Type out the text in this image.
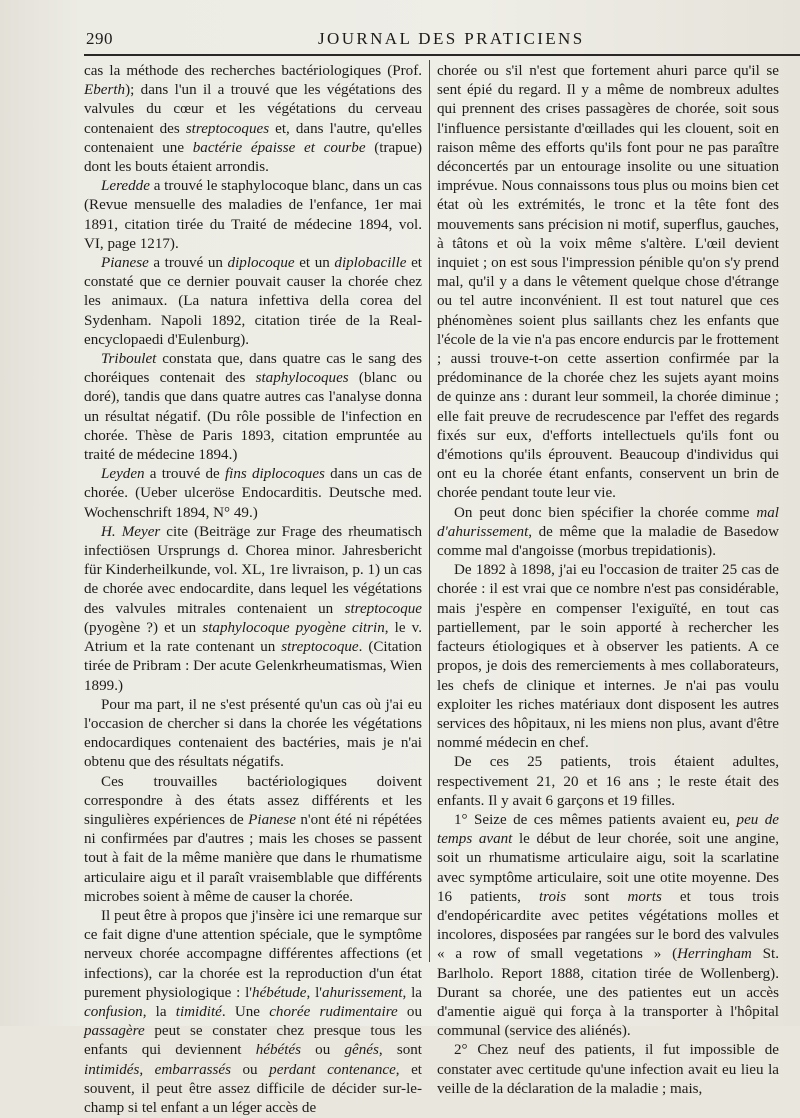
290	JOURNAL DES PRATICIENS

cas la méthode des recherches bactériologiques (Prof. Eberth); dans l'un il a trouvé que les végétations des valvules du cœur et les végétations du cerveau contenaient des streptocoques et, dans l'autre, qu'elles contenaient une bactérie épaisse et courbe (trapue) dont les bouts étaient arrondis.

Leredde a trouvé le staphylocoque blanc, dans un cas (Revue mensuelle des maladies de l'enfance, 1er mai 1891, citation tirée du Traité de médecine 1894, vol. VI, page 1217).

Pianese a trouvé un diplocoque et un diplobacille et constaté que ce dernier pouvait causer la chorée chez les animaux. (La natura infettiva della corea del Sydenham. Napoli 1892, citation tirée de la Real-encyclopaedi d'Eulenburg).

Triboulet constata que, dans quatre cas le sang des choréiques contenait des staphylocoques (blanc ou doré), tandis que dans quatre autres cas l'analyse donna un résultat négatif. (Du rôle possible de l'infection en chorée. Thèse de Paris 1893, citation empruntée au traité de médecine 1894.)

Leyden a trouvé de fins diplocoques dans un cas de chorée. (Ueber ulceröse Endocarditis. Deutsche med. Wochenschrift 1894, N° 49.)

H. Meyer cite (Beiträge zur Frage des rheumatisch infectiösen Ursprungs d. Chorea minor. Jahresbericht für Kinderheilkunde, vol. XL, 1re livraison, p. 1) un cas de chorée avec endocardite, dans lequel les végétations des valvules mitrales contenaient un streptocoque (pyogène ?) et un staphylocoque pyogène citrin, le v. Atrium et la rate contenant un streptocoque. (Citation tirée de Pribram : Der acute Gelenkrheumatismas, Wien 1899.)

Pour ma part, il ne s'est présenté qu'un cas où j'ai eu l'occasion de chercher si dans la chorée les végétations endocardiques contenaient des bactéries, mais je n'ai obtenu que des résultats négatifs.

Ces trouvailles bactériologiques doivent correspondre à des états assez différents et les singulières expériences de Pianese n'ont été ni répétées ni confirmées par d'autres ; mais les choses se passent tout à fait de la même manière que dans le rhumatisme articulaire aigu et il paraît vraisemblable que différents microbes soient à même de causer la chorée.

Il peut être à propos que j'insère ici une remarque sur ce fait digne d'une attention spéciale, que le symptôme nerveux chorée accompagne différentes affections (et infections), car la chorée est la reproduction d'un état purement physiologique : l'hébétude, l'ahurissement, la confusion, la timidité. Une chorée rudimentaire ou passagère peut se constater chez presque tous les enfants qui deviennent hébétés ou gênés, sont intimidés, embarrassés ou perdant contenance, et souvent, il peut être assez difficile de décider sur-le-champ si tel enfant a un léger accès de

chorée ou s'il n'est que fortement ahuri parce qu'il se sent épié du regard. Il y a même de nombreux adultes qui prennent des crises passagères de chorée, soit sous l'influence persistante d'œillades qui les clouent, soit en raison même des efforts qu'ils font pour ne pas paraître déconcertés par un entourage insolite ou une situation imprévue. Nous connaissons tous plus ou moins bien cet état où les extrémités, le tronc et la tête font des mouvements sans précision ni motif, superflus, gauches, à tâtons et où la voix même s'altère. L'œil devient inquiet ; on est sous l'impression pénible qu'on s'y prend mal, qu'il y a dans le vêtement quelque chose d'étrange ou tel autre inconvénient. Il est tout naturel que ces phénomènes soient plus saillants chez les enfants que l'école de la vie n'a pas encore endurcis par le frottement ; aussi trouve-t-on cette assertion confirmée par la prédominance de la chorée chez les sujets ayant moins de quinze ans : durant leur sommeil, la chorée diminue ; elle fait preuve de recrudescence par l'effet des regards fixés sur eux, d'efforts intellectuels qu'ils font ou d'émotions qu'ils éprouvent. Beaucoup d'individus qui ont eu la chorée étant enfants, conservent un brin de chorée pendant toute leur vie.

On peut donc bien spécifier la chorée comme mal d'ahurissement, de même que la maladie de Basedow comme mal d'angoisse (morbus trepidationis).

De 1892 à 1898, j'ai eu l'occasion de traiter 25 cas de chorée : il est vrai que ce nombre n'est pas considérable, mais j'espère en compenser l'exiguïté, en tout cas partiellement, par le soin apporté à rechercher les facteurs étiologiques et à observer les patients. A ce propos, je dois des remerciements à mes collaborateurs, les chefs de clinique et internes. Je n'ai pas voulu exploiter les riches matériaux dont disposent les autres services des hôpitaux, ni les miens non plus, avant d'être nommé médecin en chef.

De ces 25 patients, trois étaient adultes, respectivement 21, 20 et 16 ans ; le reste était des enfants. Il y avait 6 garçons et 19 filles.

1° Seize de ces mêmes patients avaient eu, peu de temps avant le début de leur chorée, soit une angine, soit un rhumatisme articulaire aigu, soit la scarlatine avec symptôme articulaire, soit une otite moyenne. Des 16 patients, trois sont morts et tous trois d'endopéricardite avec petites végétations molles et incolores, disposées par rangées sur le bord des valvules « a row of small vegetations » (Herringham St. Barlholo. Report 1888, citation tirée de Wollenberg). Durant sa chorée, une des patientes eut un accès d'amentie aiguë qui força à la transporter à l'hôpital communal (service des aliénés).

2° Chez neuf des patients, il fut impossible de constater avec certitude qu'une infection avait eu lieu la veille de la déclaration de la maladie ; mais,
